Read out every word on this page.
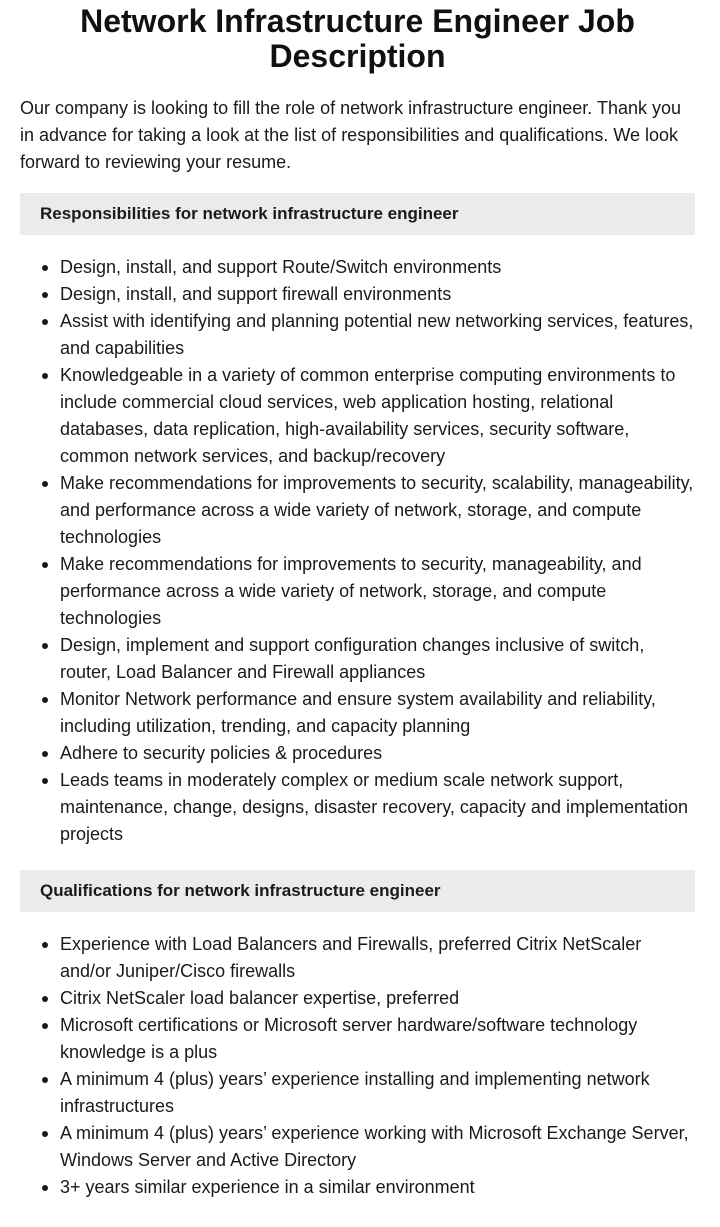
Network Infrastructure Engineer Job Description

Our company is looking to fill the role of network infrastructure engineer. Thank you in advance for taking a look at the list of responsibilities and qualifications. We look forward to reviewing your resume.

Responsibilities for network infrastructure engineer
Design, install, and support Route/Switch environments
Design, install, and support firewall environments
Assist with identifying and planning potential new networking services, features, and capabilities
Knowledgeable in a variety of common enterprise computing environments to include commercial cloud services, web application hosting, relational databases, data replication, high-availability services, security software, common network services, and backup/recovery
Make recommendations for improvements to security, scalability, manageability, and performance across a wide variety of network, storage, and compute technologies
Make recommendations for improvements to security, manageability, and performance across a wide variety of network, storage, and compute technologies
Design, implement and support configuration changes inclusive of switch, router, Load Balancer and Firewall appliances
Monitor Network performance and ensure system availability and reliability, including utilization, trending, and capacity planning
Adhere to security policies & procedures
Leads teams in moderately complex or medium scale network support, maintenance, change, designs, disaster recovery, capacity and implementation projects
Qualifications for network infrastructure engineer
Experience with Load Balancers and Firewalls, preferred Citrix NetScaler and/or Juniper/Cisco firewalls
Citrix NetScaler load balancer expertise, preferred
Microsoft certifications or Microsoft server hardware/software technology knowledge is a plus
A minimum 4 (plus) years’ experience installing and implementing network infrastructures
A minimum 4 (plus) years’ experience working with Microsoft Exchange Server, Windows Server and Active Directory
3+ years similar experience in a similar environment
